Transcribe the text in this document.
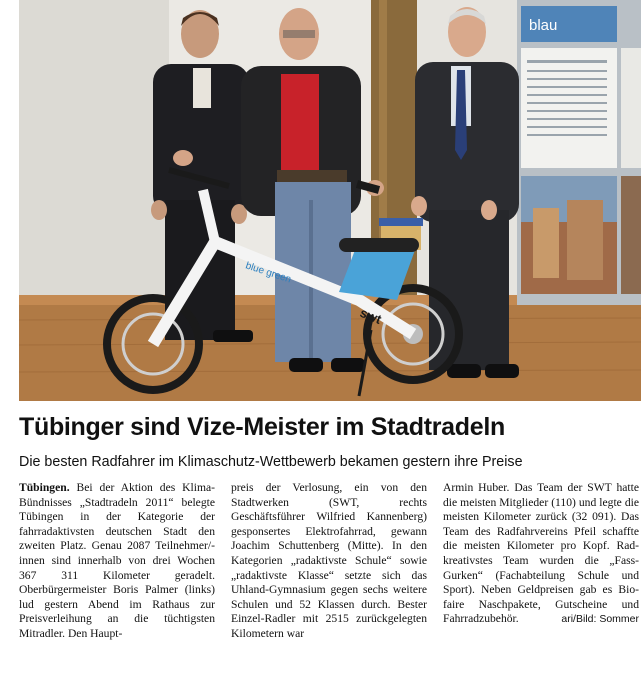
blau
blue green
swt
Tübinger sind Vize-Meister im Stadtradeln
Die besten Radfahrer im Klimaschutz-Wettbewerb bekamen gestern ihre Preise

Tübingen. Bei der Aktion des Klima-Bündnisses „Stadtradeln 2011“ belegte Tübingen in der Kategorie der fahrradaktivsten deutschen Stadt den zweiten Platz. Genau 2087 Teilnehmer/-innen sind innerhalb von drei Wochen 367 311 Kilometer geradelt. Oberbürgermeister Boris Palmer (links) lud gestern Abend im Rathaus zur Preisverleihung an die tüchtigsten Mitradler. Den Haupt-

preis der Verlosung, ein von den Stadtwerken (SWT, rechts Geschäftsführer Wilfried Kannenberg) gesponsertes Elektrofahrrad, gewann Joachim Schuttenberg (Mitte). In den Kategorien „radaktivste Schule“ sowie „radaktivste Klasse“ setzte sich das Uhland-Gymnasium gegen sechs weitere Schulen und 52 Klassen durch. Bester Einzel-Radler mit 2515 zurückgelegten Kilometern war

Armin Huber. Das Team der SWT hatte die meisten Mitglieder (110) und legte die meisten Kilometer zurück (32 091). Das Team des Radfahrvereins Pfeil schaffte die meisten Kilometer pro Kopf. Rad-kreativstes Team wurden die „Fass-Gurken“ (Fachabteilung Schule und Sport). Neben Geldpreisen gab es Bio-faire Naschpakete, Gutscheine und Fahrradzubehör.	ari/Bild: Sommer
